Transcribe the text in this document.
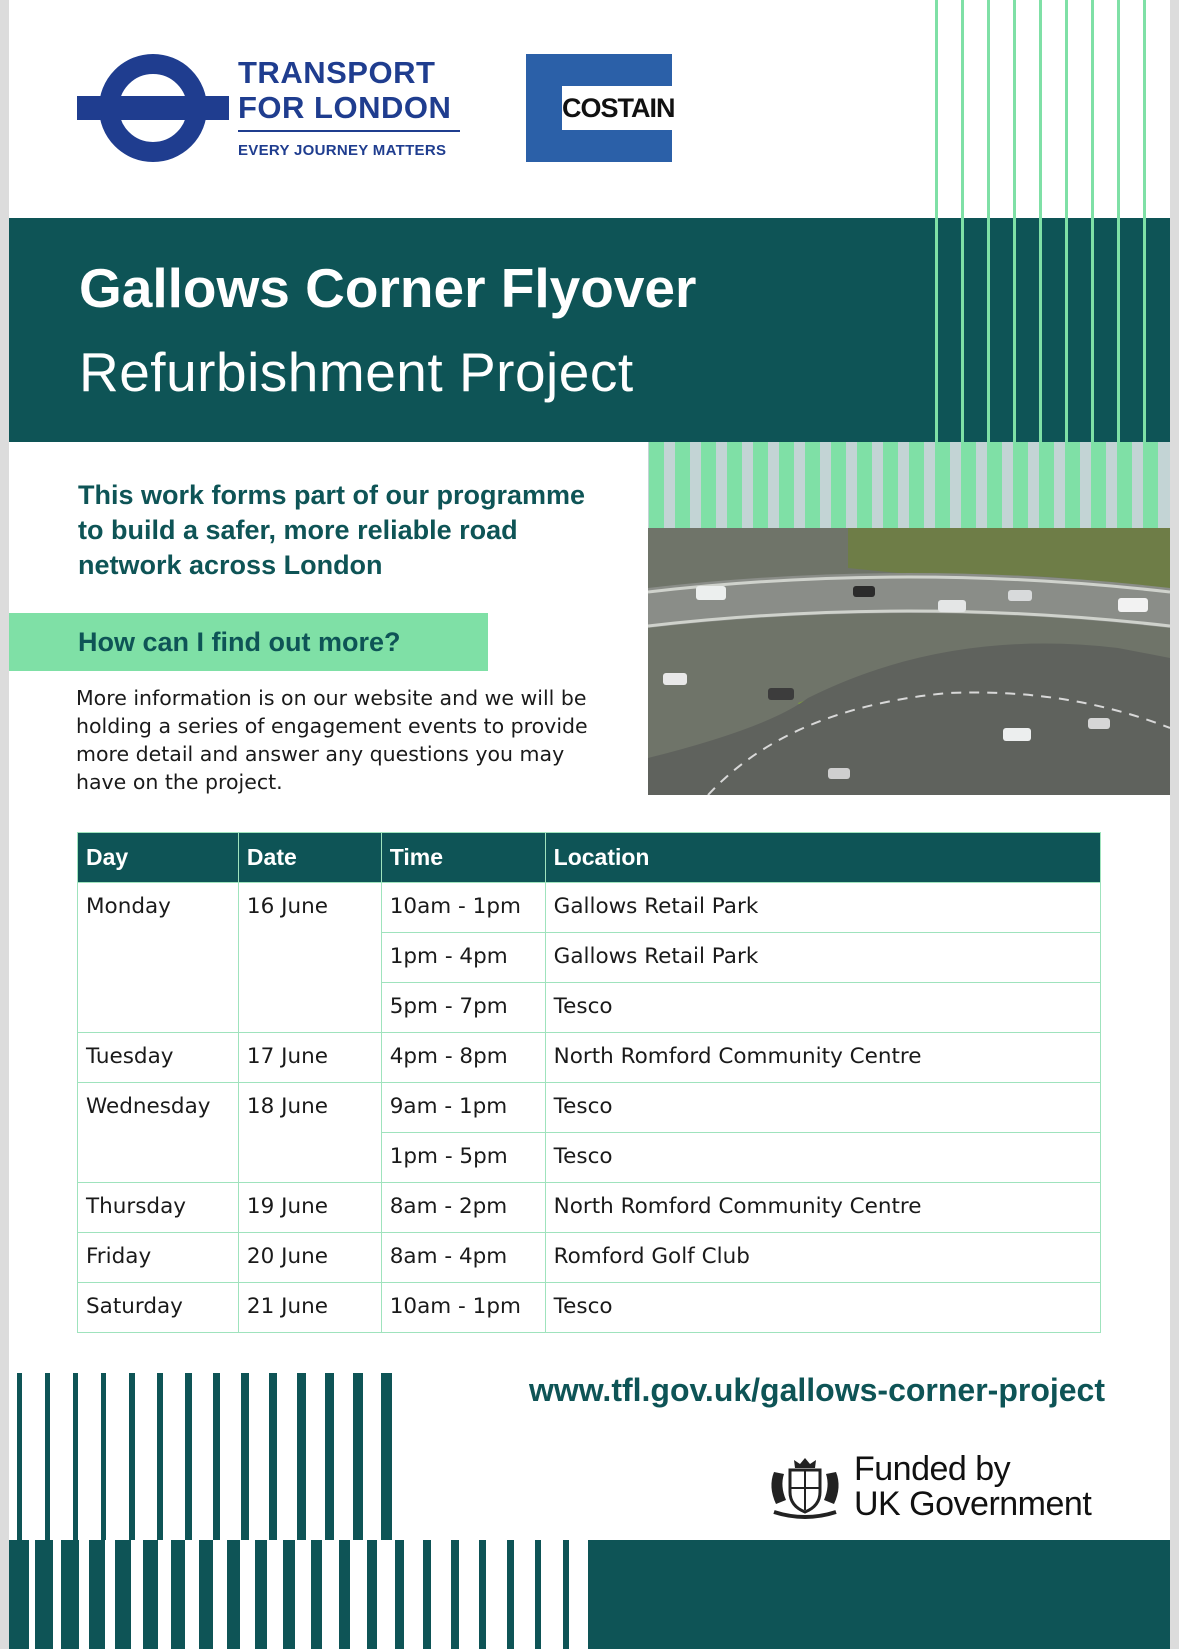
TRANSPORT
FOR LONDON
EVERY JOURNEY MATTERS
COSTAIN
Gallows Corner Flyover
Refurbishment Project
This work forms part of our programme to build a safer, more reliable road network across London
How can I find out more?
More information is on our website and we will be holding a series of engagement events to provide more detail and answer any questions you may have on the project.
Day	Date	Time	Location
Monday	16 June	10am - 1pm	Gallows Retail Park
		1pm - 4pm	Gallows Retail Park
		5pm - 7pm	Tesco
Tuesday	17 June	4pm - 8pm	North Romford Community Centre
Wednesday	18 June	9am - 1pm	Tesco
		1pm - 5pm	Tesco
Thursday	19 June	8am - 2pm	North Romford Community Centre
Friday	20 June	8am - 4pm	Romford Golf Club
Saturday	21 June	10am - 1pm	Tesco
www.tfl.gov.uk/gallows-corner-project
Funded by
UK Government
